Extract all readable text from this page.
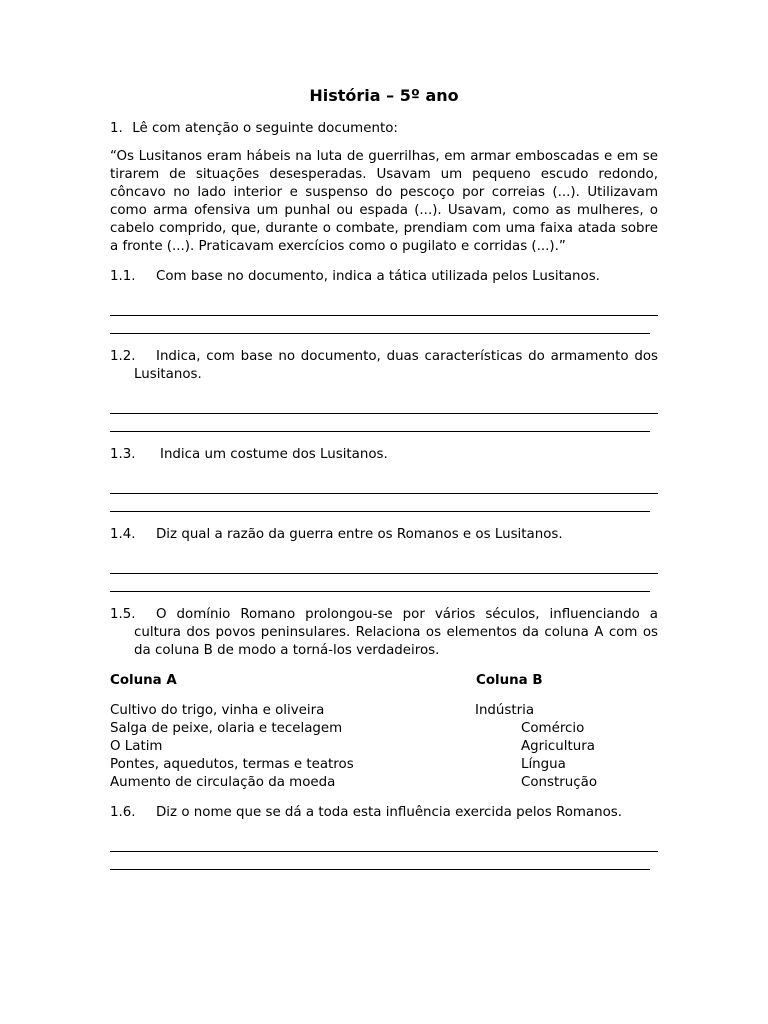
História – 5º ano
1. Lê com atenção o seguinte documento:
“Os Lusitanos eram hábeis na luta de guerrilhas, em armar emboscadas e em se tirarem de situações desesperadas. Usavam um pequeno escudo redondo, côncavo no lado interior e suspenso do pescoço por correias (...). Utilizavam como arma ofensiva um punhal ou espada (...). Usavam, como as mulheres, o cabelo comprido, que, durante o combate, prendiam com uma faixa atada sobre a fronte (...). Praticavam exercícios como o pugilato e corridas (...).”
1.1. Com base no documento, indica a tática utilizada pelos Lusitanos.
1.2. Indica, com base no documento, duas características do armamento dos Lusitanos.
1.3. Indica um costume dos Lusitanos.
1.4. Diz qual a razão da guerra entre os Romanos e os Lusitanos.
1.5. O domínio Romano prolongou-se por vários séculos, influenciando a cultura dos povos peninsulares. Relaciona os elementos da coluna A com os da coluna B de modo a torná-los verdadeiros.
Coluna A	Coluna B
Cultivo do trigo, vinha e oliveira
Salga de peixe, olaria e tecelagem
O Latim
Pontes, aquedutos, termas e teatros
Aumento de circulação da moeda
Indústria
Comércio
Agricultura
Língua
Construção
1.6. Diz o nome que se dá a toda esta influência exercida pelos Romanos.
